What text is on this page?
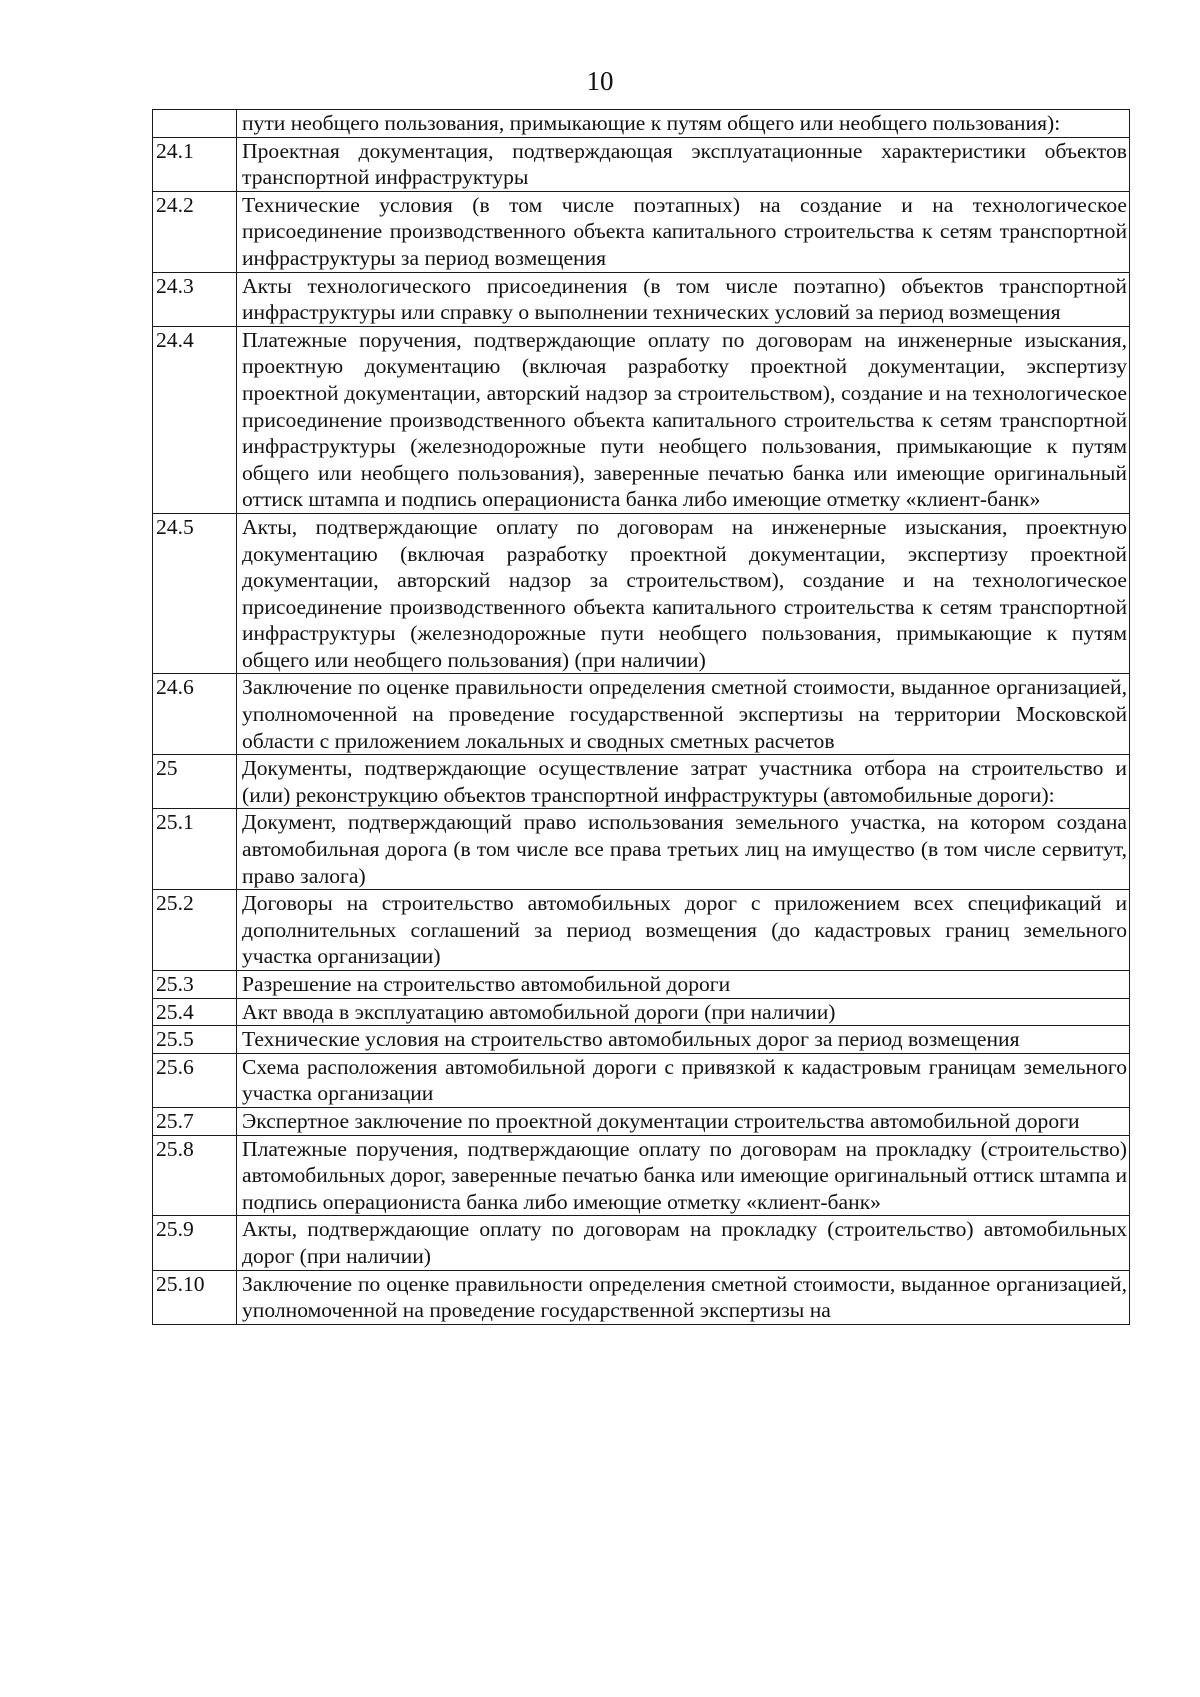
10
	пути необщего пользования, примыкающие к путям общего или необщего пользования):
24.1	Проектная документация, подтверждающая эксплуатационные характеристики объектов транспортной инфраструктуры
24.2	Технические условия (в том числе поэтапных) на создание и на технологическое присоединение производственного объекта капитального строительства к сетям транспортной инфраструктуры за период возмещения
24.3	Акты технологического присоединения (в том числе поэтапно) объектов транспортной инфраструктуры или справку о выполнении технических условий за период возмещения
24.4	Платежные поручения, подтверждающие оплату по договорам на инженерные изыскания, проектную документацию (включая разработку проектной документации, экспертизу проектной документации, авторский надзор за строительством), создание и на технологическое присоединение производственного объекта капитального строительства к сетям транспортной инфраструктуры (железнодорожные пути необщего пользования, примыкающие к путям общего или необщего пользования), заверенные печатью банка или имеющие оригинальный оттиск штампа и подпись операциониста банка либо имеющие отметку «клиент-банк»
24.5	Акты, подтверждающие оплату по договорам на инженерные изыскания, проектную документацию (включая разработку проектной документации, экспертизу проектной документации, авторский надзор за строительством), создание и на технологическое присоединение производственного объекта капитального строительства к сетям транспортной инфраструктуры (железнодорожные пути необщего пользования, примыкающие к путям общего или необщего пользования) (при наличии)
24.6	Заключение по оценке правильности определения сметной стоимости, выданное организацией, уполномоченной на проведение государственной экспертизы на территории Московской области с приложением локальных и сводных сметных расчетов
25	Документы, подтверждающие осуществление затрат участника отбора на строительство и (или) реконструкцию объектов транспортной инфраструктуры (автомобильные дороги):
25.1	Документ, подтверждающий право использования земельного участка, на котором создана автомобильная дорога (в том числе все права третьих лиц на имущество (в том числе сервитут, право залога)
25.2	Договоры на строительство автомобильных дорог с приложением всех спецификаций и дополнительных соглашений за период возмещения (до кадастровых границ земельного участка организации)
25.3	Разрешение на строительство автомобильной дороги
25.4	Акт ввода в эксплуатацию автомобильной дороги (при наличии)
25.5	Технические условия на строительство автомобильных дорог за период возмещения
25.6	Схема расположения автомобильной дороги с привязкой к кадастровым границам земельного участка организации
25.7	Экспертное заключение по проектной документации строительства автомобильной дороги
25.8	Платежные поручения, подтверждающие оплату по договорам на прокладку (строительство) автомобильных дорог, заверенные печатью банка или имеющие оригинальный оттиск штампа и подпись операциониста банка либо имеющие отметку «клиент-банк»
25.9	Акты, подтверждающие оплату по договорам на прокладку (строительство) автомобильных дорог (при наличии)
25.10	Заключение по оценке правильности определения сметной стоимости, выданное организацией, уполномоченной на проведение государственной экспертизы на
